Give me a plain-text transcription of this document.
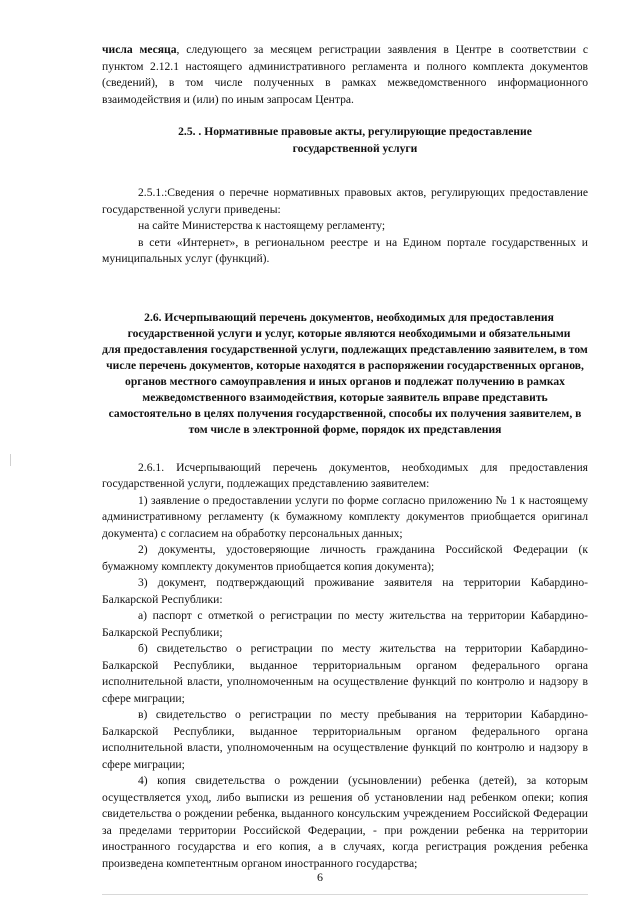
числа месяца, следующего за месяцем регистрации заявления в Центре в соответствии с пунктом 2.12.1 настоящего административного регламента и полного комплекта документов (сведений), в том числе полученных в рамках межведомственного информационного взаимодействия и (или) по иным запросам Центра.

2.5. . Нормативные правовые акты, регулирующие предоставление государственной услуги

2.5.1.:Сведения о перечне нормативных правовых актов, регулирующих предоставление государственной услуги приведены:

на сайте Министерства к настоящему регламенту;

в сети «Интернет», в региональном реестре и на Едином портале государственных и муниципальных услуг (функций).

2.6. Исчерпывающий перечень документов, необходимых для предоставления государственной услуги и услуг, которые являются необходимыми и обязательными
для предоставления государственной услуги, подлежащих представлению заявителем, в том числе перечень документов, которые находятся в распоряжении государственных органов, органов местного самоуправления и иных органов и подлежат получению в рамках межведомственного взаимодействия, которые заявитель вправе представить самостоятельно в целях получения государственной, способы их получения заявителем, в том числе в электронной форме, порядок их представления

2.6.1. Исчерпывающий перечень документов, необходимых для предоставления государственной услуги, подлежащих представлению заявителем:

1) заявление о предоставлении услуги по форме согласно приложению № 1 к настоящему административному регламенту (к бумажному комплекту документов приобщается оригинал документа) с согласием на обработку персональных данных;

2) документы, удостоверяющие личность гражданина Российской Федерации (к бумажному комплекту документов приобщается копия документа);

3) документ, подтверждающий проживание заявителя на территории Кабардино-Балкарской Республики:

а) паспорт с отметкой о регистрации по месту жительства на территории Кабардино-Балкарской Республики;

б) свидетельство о регистрации по месту жительства на территории Кабардино-Балкарской Республики, выданное территориальным органом федерального органа исполнительной власти, уполномоченным на осуществление функций по контролю и надзору в сфере миграции;

в) свидетельство о регистрации по месту пребывания на территории Кабардино-Балкарской Республики, выданное территориальным органом федерального органа исполнительной власти, уполномоченным на осуществление функций по контролю и надзору в сфере миграции;

4) копия свидетельства о рождении (усыновлении) ребенка (детей), за которым осуществляется уход, либо выписки из решения об установлении над ребенком опеки; копия свидетельства о рождении ребенка, выданного консульским учреждением Российской Федерации за пределами территории Российской Федерации, - при рождении ребенка на территории иностранного государства и его копия, а в случаях, когда регистрация рождения ребенка произведена компетентным органом иностранного государства;

6
